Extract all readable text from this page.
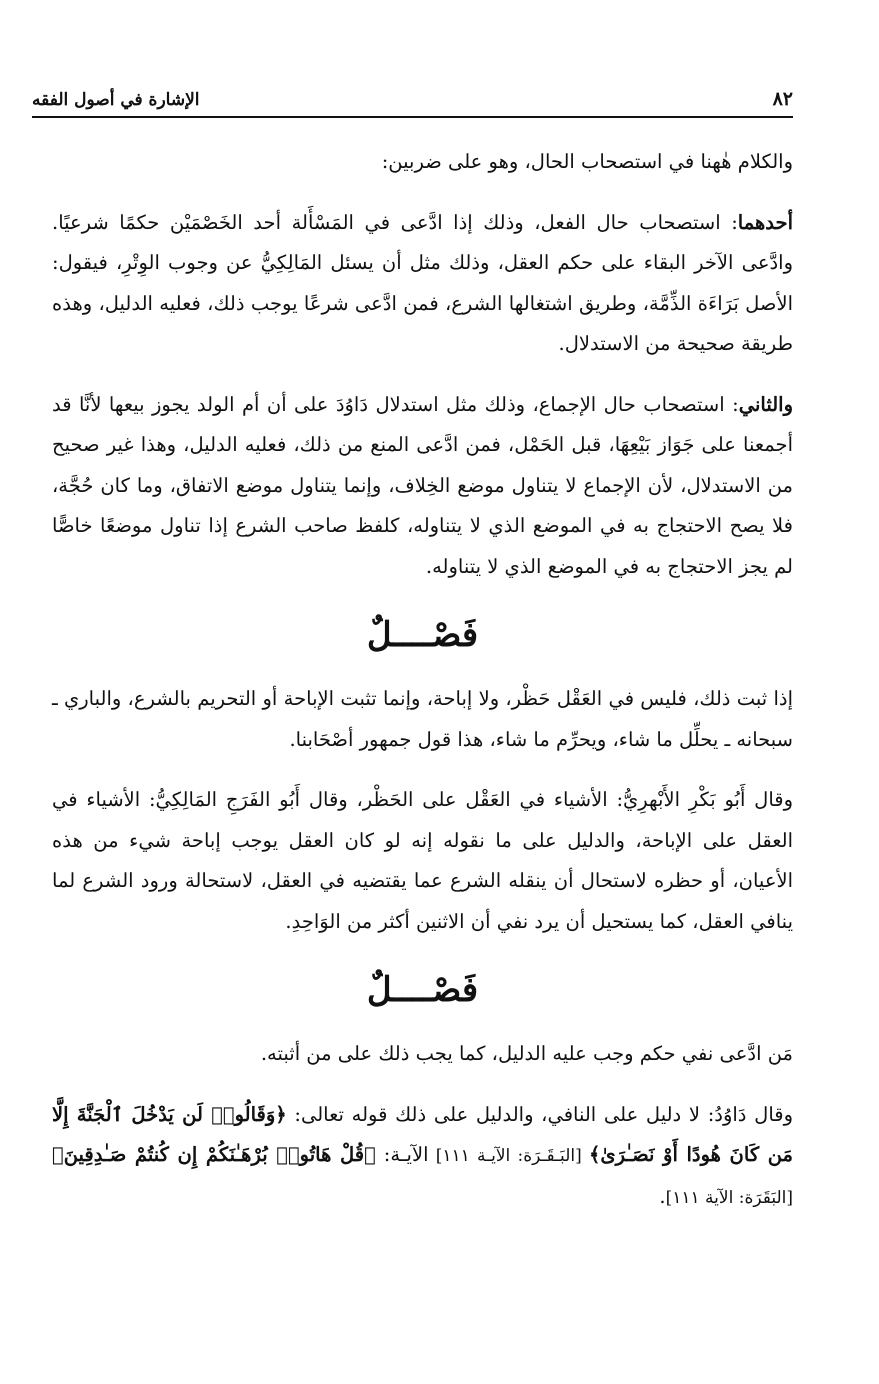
٨٢
الإشارة في أصول الفقه

والكلام هٰهنا في استصحاب الحال، وهو على ضربين:

أحدهما: استصحاب حال الفعل، وذلك إذا ادَّعى في المَسْأَلة أحد الخَصْمَيْن حكمًا شرعيًا. وادَّعى الآخر البقاء على حكم العقل، وذلك مثل أن يسئل المَالِكِيُّ عن وجوب الوِتْرِ، فيقول: الأصل بَرَاءَة الذِّمَّة، وطريق اشتغالها الشرع، فمن ادَّعى شرعًا يوجب ذلك، فعليه الدليل، وهذه طريقة صحيحة من الاستدلال.

والثاني: استصحاب حال الإجماع، وذلك مثل استدلال دَاوُدَ على أن أم الولد يجوز بيعها لأنَّا قد أجمعنا على جَوَاز بَيْعِهَا، قبل الحَمْل، فمن ادَّعى المنع من ذلك، فعليه الدليل، وهذا غير صحيح من الاستدلال، لأن الإجماع لا يتناول موضع الخِلاف، وإنما يتناول موضع الاتفاق، وما كان حُجَّة، فلا يصح الاحتجاج به في الموضع الذي لا يتناوله، كلفظ صاحب الشرع إذا تناول موضعًا خاصًّا لم يجز الاحتجاج به في الموضع الذي لا يتناوله.

فَصْــــلٌ

إذا ثبت ذلك، فليس في العَقْل حَظْر، ولا إباحة، وإنما تثبت الإباحة أو التحريم بالشرع، والباري ـ سبحانه ـ يحلِّل ما شاء، ويحرِّم ما شاء، هذا قول جمهور أصْحَابنا.

وقال أَبُو بَكْرِ الأَبْهرِيُّ: الأشياء في العَقْل على الحَظْر، وقال أَبُو الفَرَجِ المَالِكِيُّ: الأشياء في العقل على الإباحة، والدليل على ما نقوله إنه لو كان العقل يوجب إباحة شيء من هذه الأعيان، أو حظره لاستحال أن ينقله الشرع عما يقتضيه في العقل، لاستحالة ورود الشرع لما ينافي العقل، كما يستحيل أن يرد نفي أن الاثنين أكثر من الوَاحِدِ.

فَصْــــلٌ

مَن ادَّعى نفي حكم وجب عليه الدليل، كما يجب ذلك على من أثبته.

وقال دَاوُدُ: لا دليل على النافي، والدليل على ذلك قوله تعالى: ﴿وَقَالُوا۟ لَن يَدْخُلَ ٱلْجَنَّةَ إِلَّا مَن كَانَ هُودًا أَوْ نَصَـٰرَىٰ﴾ [البَـقَـرَة: الآيـة ١١١] الآيـة: ﴿قُلْ هَاتُوا۟ بُرْهَـٰنَكُمْ إِن كُنتُمْ صَـٰدِقِينَ﴾ [البَقَرَة: الآية ١١١].
